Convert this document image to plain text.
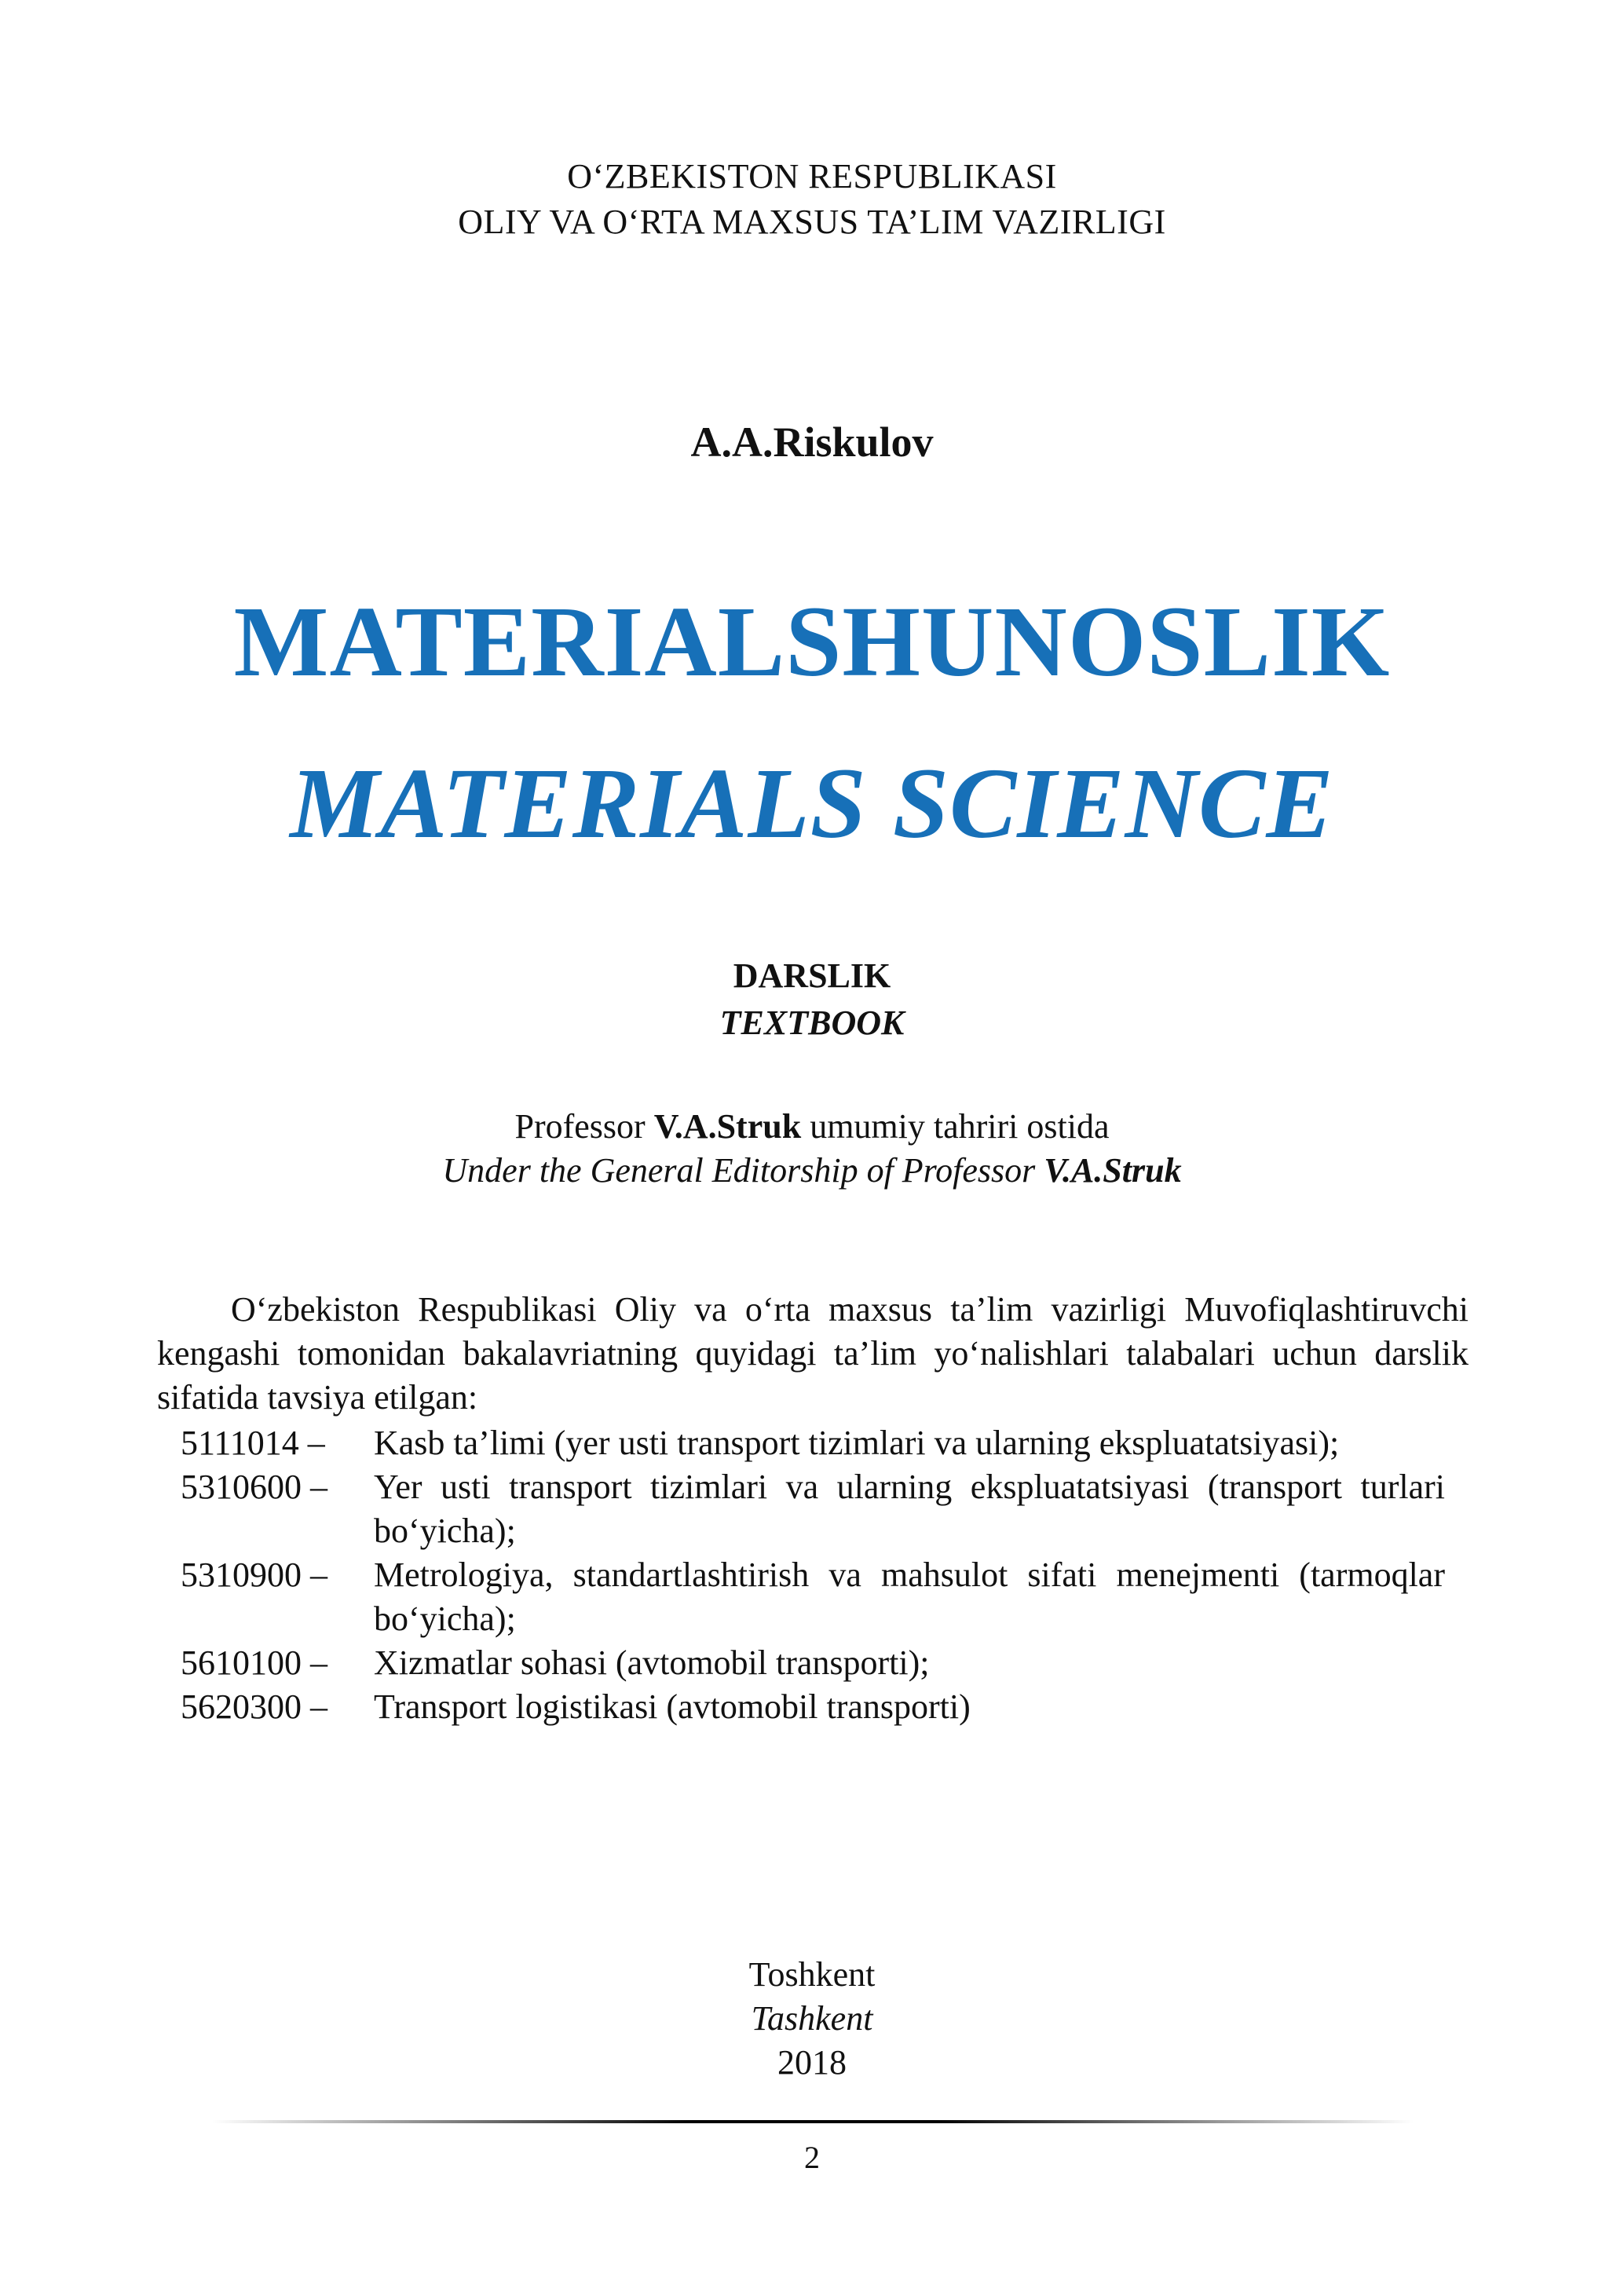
O‘ZBEKISTON RESPUBLIKASI
OLIY VA O‘RTA MAXSUS TA’LIM VAZIRLIGI
A.A.Riskulov
MATERIALSHUNOSLIK
MATERIALS SCIENCE
DARSLIK
TEXTBOOK
Professor V.A.Struk umumiy tahriri ostida
Under the General Editorship of Professor V.A.Struk
O‘zbekiston Respublikasi Oliy va o‘rta maxsus ta’lim vazirligi Muvofiqlashtiruvchi kengashi tomonidan bakalavriatning quyidagi ta’lim yo‘nalishlari talabalari uchun darslik sifatida tavsiya etilgan:
5111014 –	Kasb ta’limi (yer usti transport tizimlari va ularning ekspluatatsiyasi);
5310600 –	Yer usti transport tizimlari va ularning ekspluatatsiyasi (transport turlari bo‘yicha);
5310900 –	Metrologiya, standartlashtirish va mahsulot sifati menejmenti (tarmoqlar bo‘yicha);
5610100 –	Xizmatlar sohasi (avtomobil transporti);
5620300 –	Transport logistikasi (avtomobil transporti)
Toshkent
Tashkent
2018
2
